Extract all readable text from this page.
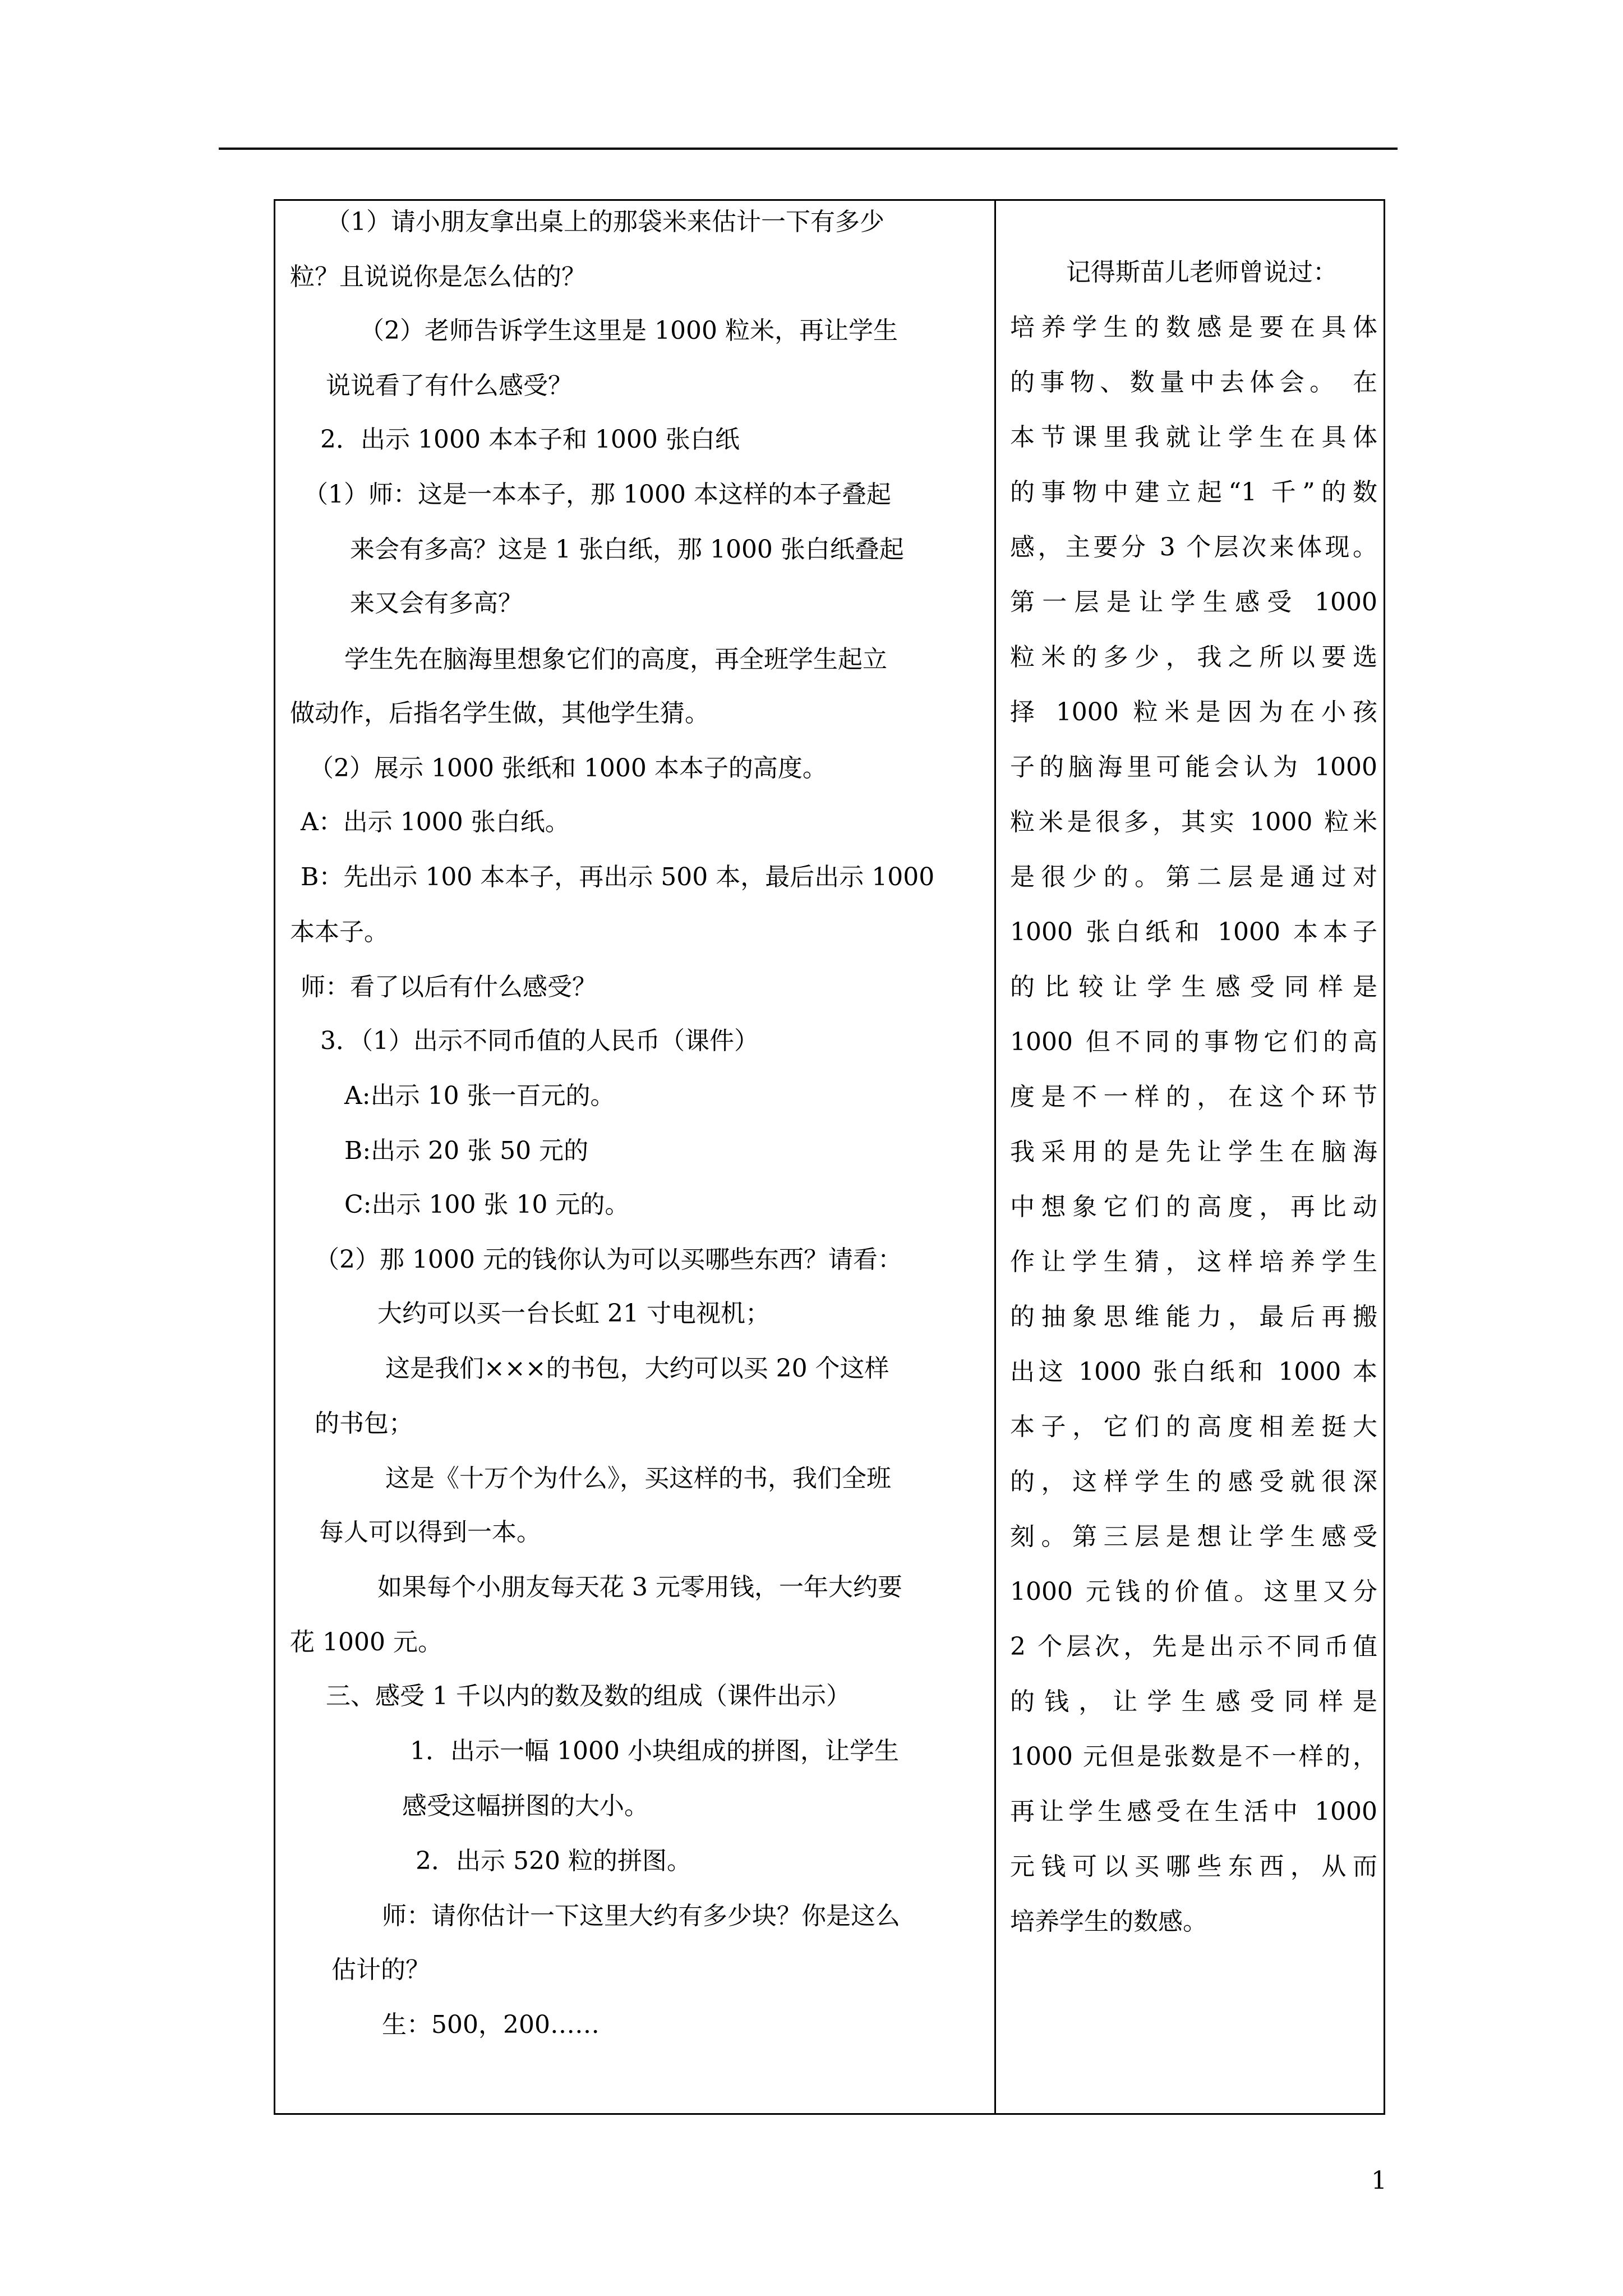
（1）请小朋友拿出桌上的那袋米来估计一下有多少
粒？且说说你是怎么估的？
（2）老师告诉学生这里是 1000 粒米，再让学生
说说看了有什么感受？
2．出示 1000 本本子和 1000 张白纸
（1）师：这是一本本子，那 1000 本这样的本子叠起
来会有多高？这是 1 张白纸，那 1000 张白纸叠起
来又会有多高？
学生先在脑海里想象它们的高度，再全班学生起立
做动作，后指名学生做，其他学生猜。
（2）展示 1000 张纸和 1000 本本子的高度。
A：出示 1000 张白纸。
B：先出示 100 本本子，再出示 500 本，最后出示 1000
本本子。
师：看了以后有什么感受？
3．（1）出示不同币值的人民币（课件）
A:出示 10 张一百元的。
B:出示 20 张 50 元的
C:出示 100 张 10 元的。
（2）那 1000 元的钱你认为可以买哪些东西？请看：
大约可以买一台长虹 21 寸电视机；
这是我们×××的书包，大约可以买 20 个这样
的书包；
这是《十万个为什么》，买这样的书，我们全班
每人可以得到一本。
如果每个小朋友每天花 3 元零用钱，一年大约要
花 1000 元。
三、感受 1 千以内的数及数的组成（课件出示）
1．出示一幅 1000 小块组成的拼图，让学生
感受这幅拼图的大小。
2．出示 520 粒的拼图。
师：请你估计一下这里大约有多少块？你是这么
估计的？
生：500，200……
记得斯苗儿老师曾说过：
培养学生的数感是要在具体
的事物、数量中去体会。 在
本节课里我就让学生在具体
的事物中建立起“1 千”的数
感，主要分 3 个层次来体现。
第一层是让学生感受 1000
粒米的多少，我之所以要选
择 1000 粒米是因为在小孩
子的脑海里可能会认为 1000
粒米是很多，其实 1000 粒米
是很少的。第二层是通过对
1000 张白纸和 1000 本本子
的比较让学生感受同样是
1000 但不同的事物它们的高
度是不一样的，在这个环节
我采用的是先让学生在脑海
中想象它们的高度，再比动
作让学生猜，这样培养学生
的抽象思维能力，最后再搬
出这 1000 张白纸和 1000 本
本子，它们的高度相差挺大
的，这样学生的感受就很深
刻。第三层是想让学生感受
1000 元钱的价值。这里又分
2 个层次，先是出示不同币值
的钱，让学生感受同样是
1000 元但是张数是不一样的，
再让学生感受在生活中 1000
元钱可以买哪些东西，从而
培养学生的数感。
1
